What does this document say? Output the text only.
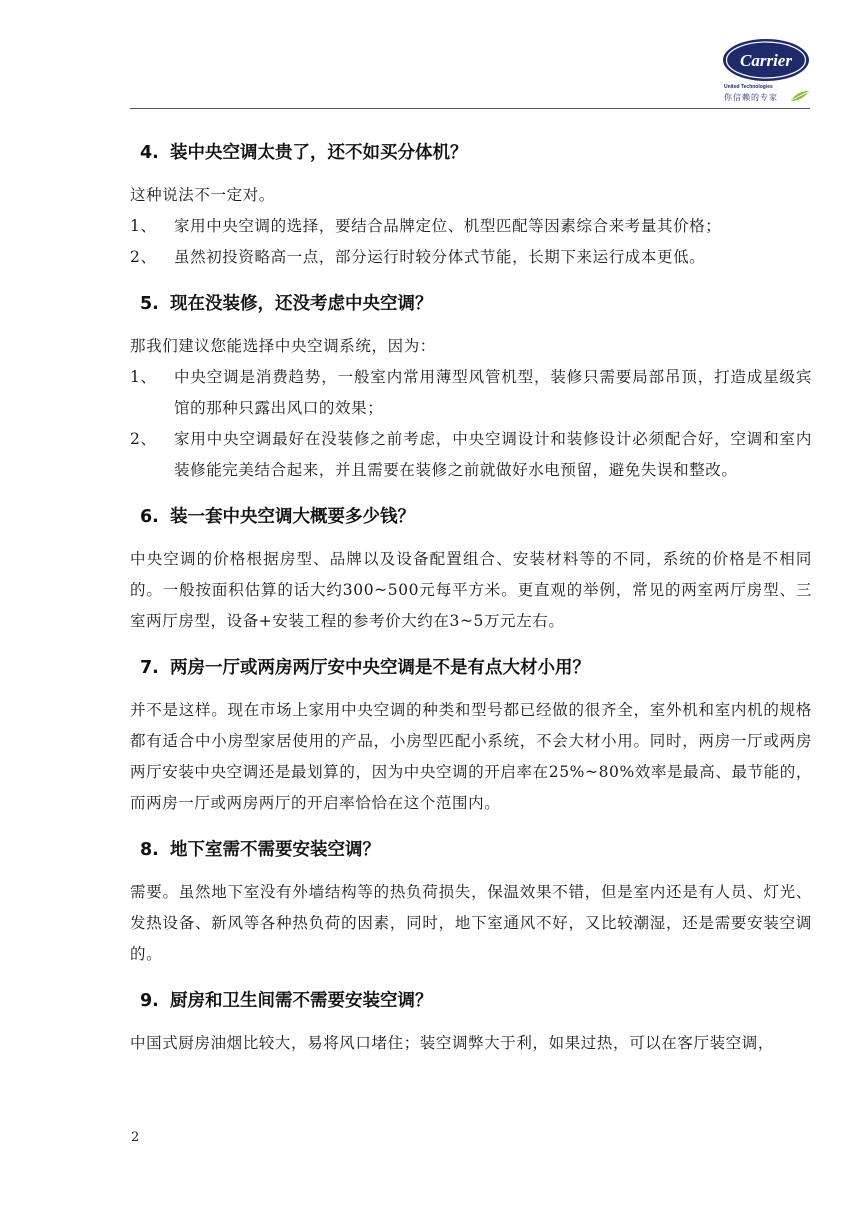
Carrier
United Technologies
你信赖的专家
4. 装中央空调太贵了，还不如买分体机？

这种说法不一定对。

1、	家用中央空调的选择，要结合品牌定位、机型匹配等因素综合来考量其价格；
2、	虽然初投资略高一点，部分运行时较分体式节能，长期下来运行成本更低。
5. 现在没装修，还没考虑中央空调？

那我们建议您能选择中央空调系统，因为：

1、	中央空调是消费趋势，一般室内常用薄型风管机型，装修只需要局部吊顶，打造成星级宾馆的那种只露出风口的效果；
2、	家用中央空调最好在没装修之前考虑，中央空调设计和装修设计必须配合好，空调和室内装修能完美结合起来，并且需要在装修之前就做好水电预留，避免失误和整改。
6. 装一套中央空调大概要多少钱？

中央空调的价格根据房型、品牌以及设备配置组合、安装材料等的不同，系统的价格是不相同的。一般按面积估算的话大约300~500元每平方米。更直观的举例，常见的两室两厅房型、三室两厅房型，设备+安装工程的参考价大约在3~5万元左右。

7. 两房一厅或两房两厅安中央空调是不是有点大材小用？

并不是这样。现在市场上家用中央空调的种类和型号都已经做的很齐全，室外机和室内机的规格都有适合中小房型家居使用的产品，小房型匹配小系统，不会大材小用。同时，两房一厅或两房两厅安装中央空调还是最划算的，因为中央空调的开启率在25%~80%效率是最高、最节能的，而两房一厅或两房两厅的开启率恰恰在这个范围内。

8. 地下室需不需要安装空调？

需要。虽然地下室没有外墙结构等的热负荷损失，保温效果不错，但是室内还是有人员、灯光、发热设备、新风等各种热负荷的因素，同时，地下室通风不好，又比较潮湿，还是需要安装空调的。

9. 厨房和卫生间需不需要安装空调？

中国式厨房油烟比较大，易将风口堵住；装空调弊大于利，如果过热，可以在客厅装空调，

2
